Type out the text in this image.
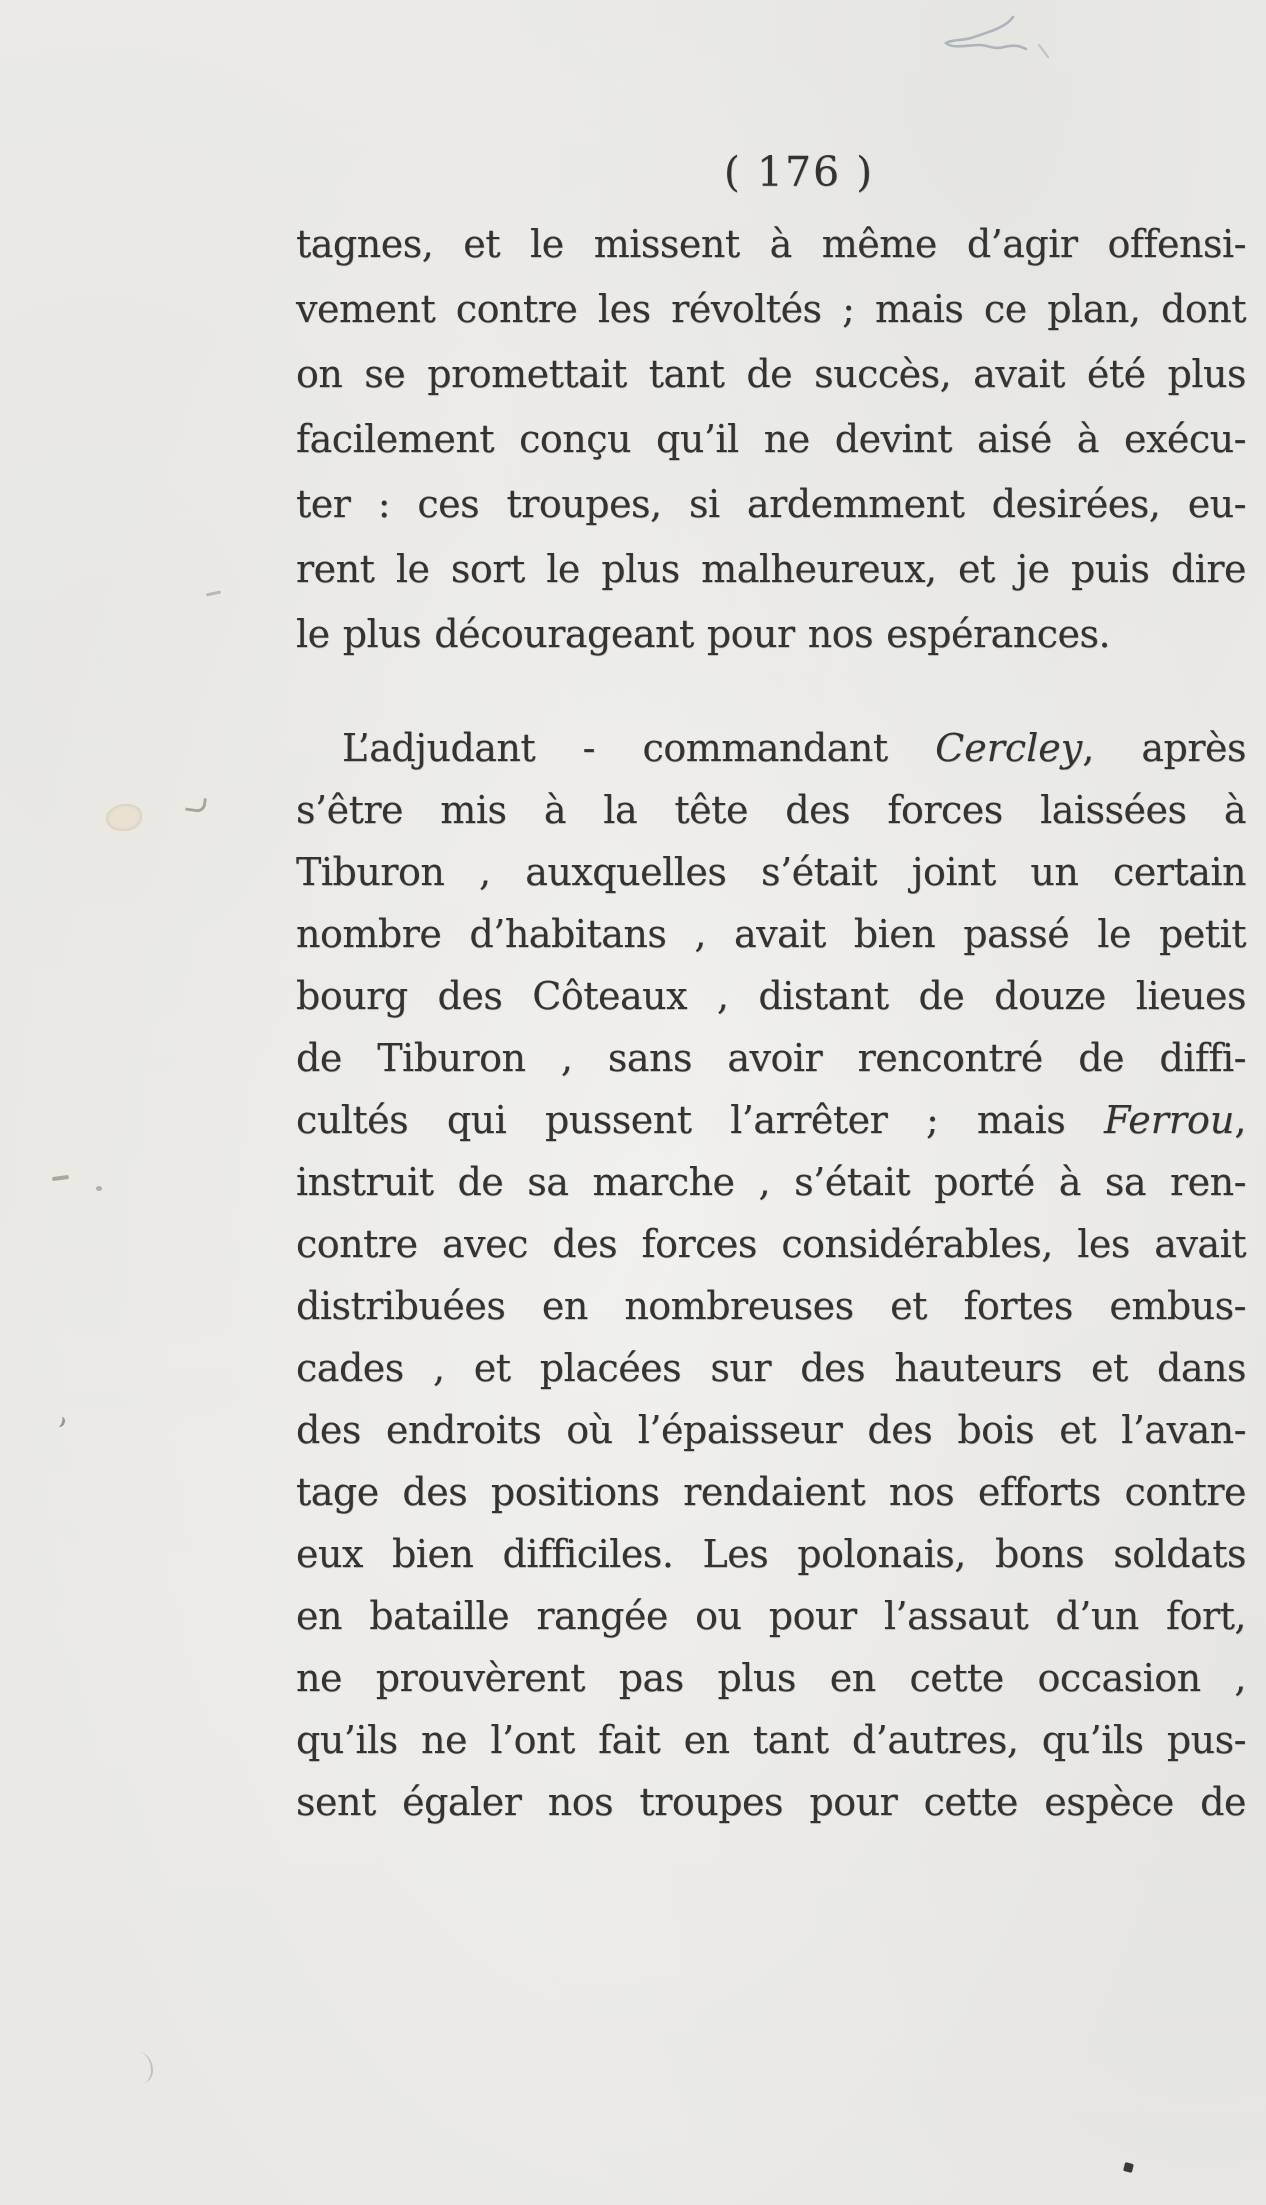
( 176 )
tagnes, et le missent à même d’agir offensi-
vement contre les révoltés ; mais ce plan, dont
on se promettait tant de succès, avait été plus
facilement conçu qu’il ne devint aisé à exécu-
ter : ces troupes, si ardemment desirées, eu-
rent le sort le plus malheureux, et je puis dire
le plus décourageant pour nos espérances.
L’adjudant - commandant Cercley, après
s’être mis à la tête des forces laissées à
Tiburon , auxquelles s’était joint un certain
nombre d’habitans , avait bien passé le petit
bourg des Côteaux , distant de douze lieues
de Tiburon , sans avoir rencontré de diffi-
cultés qui pussent l’arrêter ; mais Ferrou,
instruit de sa marche , s’était porté à sa ren-
contre avec des forces considérables, les avait
distribuées en nombreuses et fortes embus-
cades , et placées sur des hauteurs et dans
des endroits où l’épaisseur des bois et l’avan-
tage des positions rendaient nos efforts contre
eux bien difficiles. Les polonais, bons soldats
en bataille rangée ou pour l’assaut d’un fort,
ne prouvèrent pas plus en cette occasion ,
qu’ils ne l’ont fait en tant d’autres, qu’ils pus-
sent égaler nos troupes pour cette espèce de
